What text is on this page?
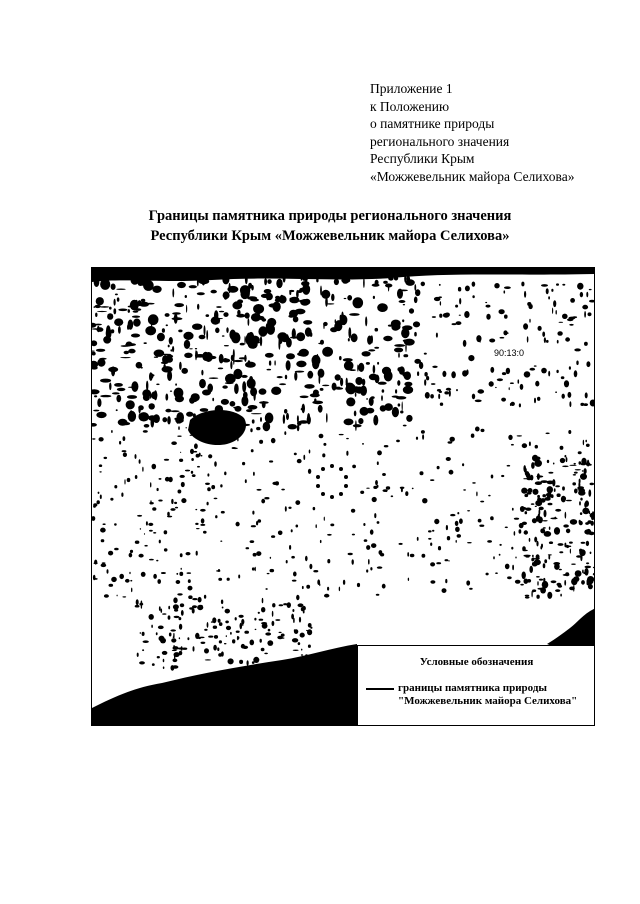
Приложение 1
к Положению
о памятнике природы
регионального значения
Республики Крым
«Можжевельник майора Селихова»
Границы памятника природы регионального значения
Республики Крым «Можжевельник майора Селихова»
90:13:0
Условные обозначения
границы памятника природы
"Можжевельник майора Селихова"
